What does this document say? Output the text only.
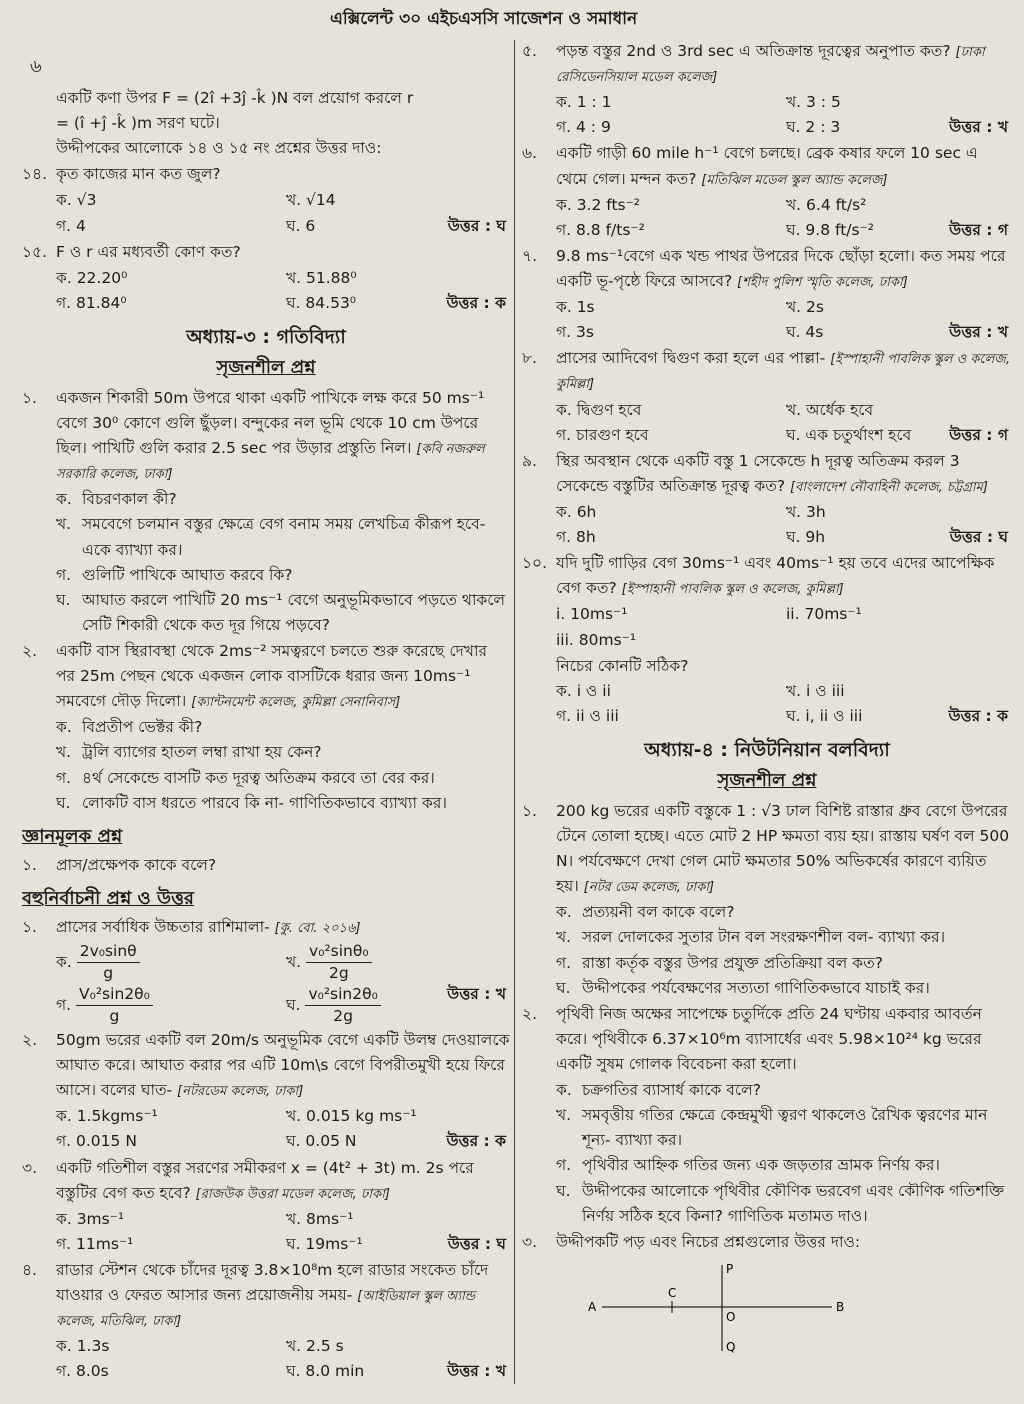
এক্সিলেন্ট ৩০ এইচএসসি সাজেশন ও সমাধান
৬
একটি কণা উপর F = (2î +3ĵ -k̂ )N বল প্রয়োগ করলে r
= (î +ĵ -k̂ )m সরণ ঘটে।
উদ্দীপকের আলোকে ১৪ ও ১৫ নং প্রশ্নের উত্তর দাও:
১৪. কৃত কাজের মান কত জুল?
ক. √3	খ. √14
গ. 4	ঘ. 6	উত্তর : ঘ
১৫. F ও r এর মধ্যবর্তী কোণ কত?
ক. 22.20⁰	খ. 51.88⁰
গ. 81.84⁰	ঘ. 84.53⁰	উত্তর : ক
অধ্যায়-৩ : গতিবিদ্যা
সৃজনশীল প্রশ্ন
১.	একজন শিকারী 50m উপরে থাকা একটি পাখিকে লক্ষ করে 50 ms⁻¹ বেগে 30⁰ কোণে গুলি ছুঁড়ল। বন্দুকের নল ভূমি থেকে 10 cm উপরে ছিল। পাখিটি গুলি করার 2.5 sec পর উড়ার প্রস্তুতি নিল। [কবি নজরুল সরকারি কলেজ, ঢাকা]
ক. বিচরণকাল কী?
খ. সমবেগে চলমান বস্তুর ক্ষেত্রে বেগ বনাম সময় লেখচিত্র কীরূপ হবে- একে ব্যাখ্যা কর।
গ. গুলিটি পাখিকে আঘাত করবে কি?
ঘ. আঘাত করলে পাখিটি 20 ms⁻¹ বেগে অনুভূমিকভাবে পড়তে থাকলে সেটি শিকারী থেকে কত দূর গিয়ে পড়বে?
২.	একটি বাস স্থিরাবস্থা থেকে 2ms⁻² সমত্বরণে চলতে শুরু করেছে দেখার পর 25m পেছন থেকে একজন লোক বাসটিকে ধরার জন্য 10ms⁻¹ সমবেগে দৌড় দিলো। [ক্যান্টনমেন্ট কলেজ, কুমিল্লা সেনানিবাস]
ক. বিপ্রতীপ ভেক্টর কী?
খ. ট্রলি ব্যাগের হাতল লম্বা রাখা হয় কেন?
গ. ৪র্থ সেকেন্ডে বাসটি কত দূরত্ব অতিক্রম করবে তা বের কর।
ঘ. লোকটি বাস ধরতে পারবে কি না- গাণিতিকভাবে ব্যাখ্যা কর।
জ্ঞানমূলক প্রশ্ন
১.	প্রাস/প্রক্ষেপক কাকে বলে?
বহুনির্বাচনী প্রশ্ন ও উত্তর
১.	প্রাসের সর্বাধিক উচ্চতার রাশিমালা- [কু. বো. ২০১৬]
ক. $\frac{\text{2v₀sinθ}}{g}$	খ. $\frac{\text{v₀²sinθ₀}}{2g}$
গ. $\frac{\text{V₀²sin2θ₀}}{g}$	ঘ. $\frac{\text{v₀²sin2θ₀}}{2g}$	উত্তর : খ
২.	50gm ভরের একটি বল 20m/s অনুভূমিক বেগে একটি উলম্ব দেওয়ালকে আঘাত করে। আঘাত করার পর এটি 10m\s বেগে বিপরীতমুখী হয়ে ফিরে আসে। বলের ঘাত- [নটরডেম কলেজ, ঢাকা]
ক. 1.5kgms⁻¹	খ. 0.015 kg ms⁻¹
গ. 0.015 N	ঘ. 0.05 N	উত্তর : ক
৩.	একটি গতিশীল বস্তুর সরণের সমীকরণ x = (4t² + 3t) m. 2s পরে বস্তুটির বেগ কত হবে? [রাজউক উত্তরা মডেল কলেজ, ঢাকা]
ক. 3ms⁻¹	খ. 8ms⁻¹
গ. 11ms⁻¹	ঘ. 19ms⁻¹	উত্তর : ঘ
৪.	রাডার স্টেশন থেকে চাঁদের দূরত্ব 3.8×10⁸m হলে রাডার সংকেত চাঁদে যাওয়ার ও ফেরত আসার জন্য প্রয়োজনীয় সময়- [আইডিয়াল স্কুল অ্যান্ড কলেজ, মতিঝিল, ঢাকা]
ক. 1.3s	খ. 2.5 s
গ. 8.0s	ঘ. 8.0 min	উত্তর : খ
৫.	পড়ন্ত বস্তুর 2nd ও 3rd sec এ অতিক্রান্ত দূরত্বের অনুপাত কত? [ঢাকা রেসিডেনসিয়াল মডেল কলেজ]
ক. 1 : 1	খ. 3 : 5
গ. 4 : 9	ঘ. 2 : 3	উত্তর : খ
৬.	একটি গাড়ী 60 mile h⁻¹ বেগে চলছে। ব্রেক কষার ফলে 10 sec এ থেমে গেল। মন্দন কত? [মতিঝিল মডেল স্কুল অ্যান্ড কলেজ]
ক. 3.2 fts⁻²	খ. 6.4 ft/s²
গ. 8.8 f/ts⁻²	ঘ. 9.8 ft/s⁻²	উত্তর : গ
৭.	9.8 ms⁻¹বেগে এক খন্ড পাথর উপরের দিকে ছোঁড়া হলো। কত সময় পরে একটি ভূ-পৃষ্ঠে ফিরে আসবে? [শহীদ পুলিশ স্মৃতি কলেজ, ঢাকা]
ক. 1s	খ. 2s
গ. 3s	ঘ. 4s	উত্তর : খ
৮.	প্রাসের আদিবেগ দ্বিগুণ করা হলে এর পাল্লা- [ইস্পাহানী পাবলিক স্কুল ও কলেজ, কুমিল্লা]
ক. দ্বিগুণ হবে	খ. অর্ধেক হবে
গ. চারগুণ হবে	ঘ. এক চতুর্থাংশ হবে	উত্তর : গ
৯.	স্থির অবস্থান থেকে একটি বস্তু 1 সেকেন্ডে h দূরত্ব অতিক্রম করল 3 সেকেন্ডে বস্তুটির অতিক্রান্ত দূরত্ব কত? [বাংলাদেশ নৌবাহিনী কলেজ, চট্টগ্রাম]
ক. 6h	খ. 3h
গ. 8h	ঘ. 9h	উত্তর : ঘ
১০. যদি দুটি গাড়ির বেগ 30ms⁻¹ এবং 40ms⁻¹ হয় তবে এদের আপেক্ষিক বেগ কত? [ইস্পাহানী পাবলিক স্কুল ও কলেজ, কুমিল্লা]
i. 10ms⁻¹	ii. 70ms⁻¹
iii. 80ms⁻¹
নিচের কোনটি সঠিক?
ক. i ও ii	খ. i ও iii
গ. ii ও iii	ঘ. i, ii ও iii	উত্তর : ক
অধ্যায়-৪ : নিউটনিয়ান বলবিদ্যা
সৃজনশীল প্রশ্ন
১.	200 kg ভরের একটি বস্তুকে 1 : √3 ঢাল বিশিষ্ট রাস্তার ধ্রুব বেগে উপরের টেনে তোলা হচ্ছে। এতে মোট 2 HP ক্ষমতা ব্যয় হয়। রাস্তায় ঘর্ষণ বল 500 N। পর্যবেক্ষণে দেখা গেল মোট ক্ষমতার 50% অভিকর্ষের কারণে ব্যয়িত হয়। [নটর ডেম কলেজ, ঢাকা]
ক. প্রত্যয়নী বল কাকে বলে?
খ. সরল দোলকের সুতার টান বল সংরক্ষণশীল বল- ব্যাখ্যা কর।
গ. রাস্তা কর্তৃক বস্তুর উপর প্রযুক্ত প্রতিক্রিয়া বল কত?
ঘ. উদ্দীপকের পর্যবেক্ষণের সত্যতা গাণিতিকভাবে যাচাই কর।
২.	পৃথিবী নিজ অক্ষের সাপেক্ষে চতুর্দিকে প্রতি 24 ঘণ্টায় একবার আবর্তন করে। পৃথিবীকে 6.37×10⁶m ব্যাসার্ধের এবং 5.98×10²⁴ kg ভরের একটি সুষম গোলক বিবেচনা করা হলো।
ক. চক্রগতির ব্যাসার্ধ কাকে বলে?
খ. সমবৃত্তীয় গতির ক্ষেত্রে কেন্দ্রমুখী ত্বরণ থাকলেও রৈখিক ত্বরণের মান শূন্য- ব্যাখ্যা কর।
গ. পৃথিবীর আহ্নিক গতির জন্য এক জড়তার ভ্রামক নির্ণয় কর।
ঘ. উদ্দীপকের আলোকে পৃথিবীর কৌণিক ভরবেগ এবং কৌণিক গতিশক্তি নির্ণয় সঠিক হবে কিনা? গাণিতিক মতামত দাও।
৩.	উদ্দীপকটি পড় এবং নিচের প্রশ্নগুলোর উত্তর দাও:
A	B
P
Q
C
O
